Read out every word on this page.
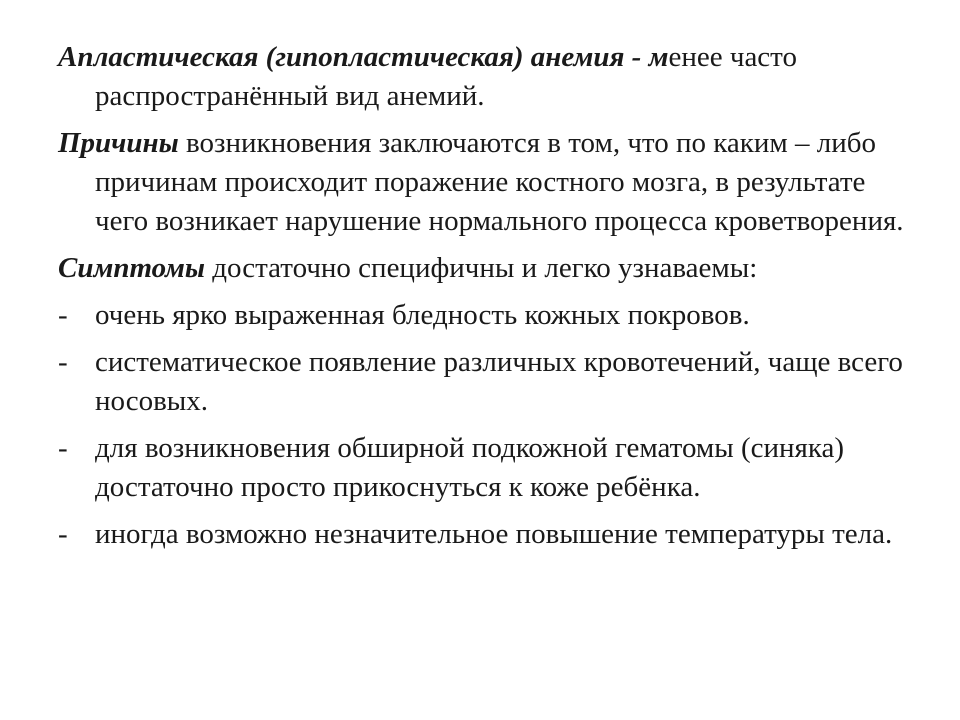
Апластическая (гипопластическая) анемия - менее часто распространённый вид анемий.

Причины возникновения заключаются в том, что по каким – либо причинам происходит поражение костного мозга, в результате чего возникает нарушение нормального процесса кроветворения.

Симптомы достаточно специфичны и легко узнаваемы:

- очень ярко выраженная бледность кожных покровов.
- систематическое появление различных кровотечений, чаще всего носовых.
- для возникновения обширной подкожной гематомы (синяка) достаточно просто прикоснуться к коже ребёнка.
- иногда возможно незначительное повышение температуры тела.
